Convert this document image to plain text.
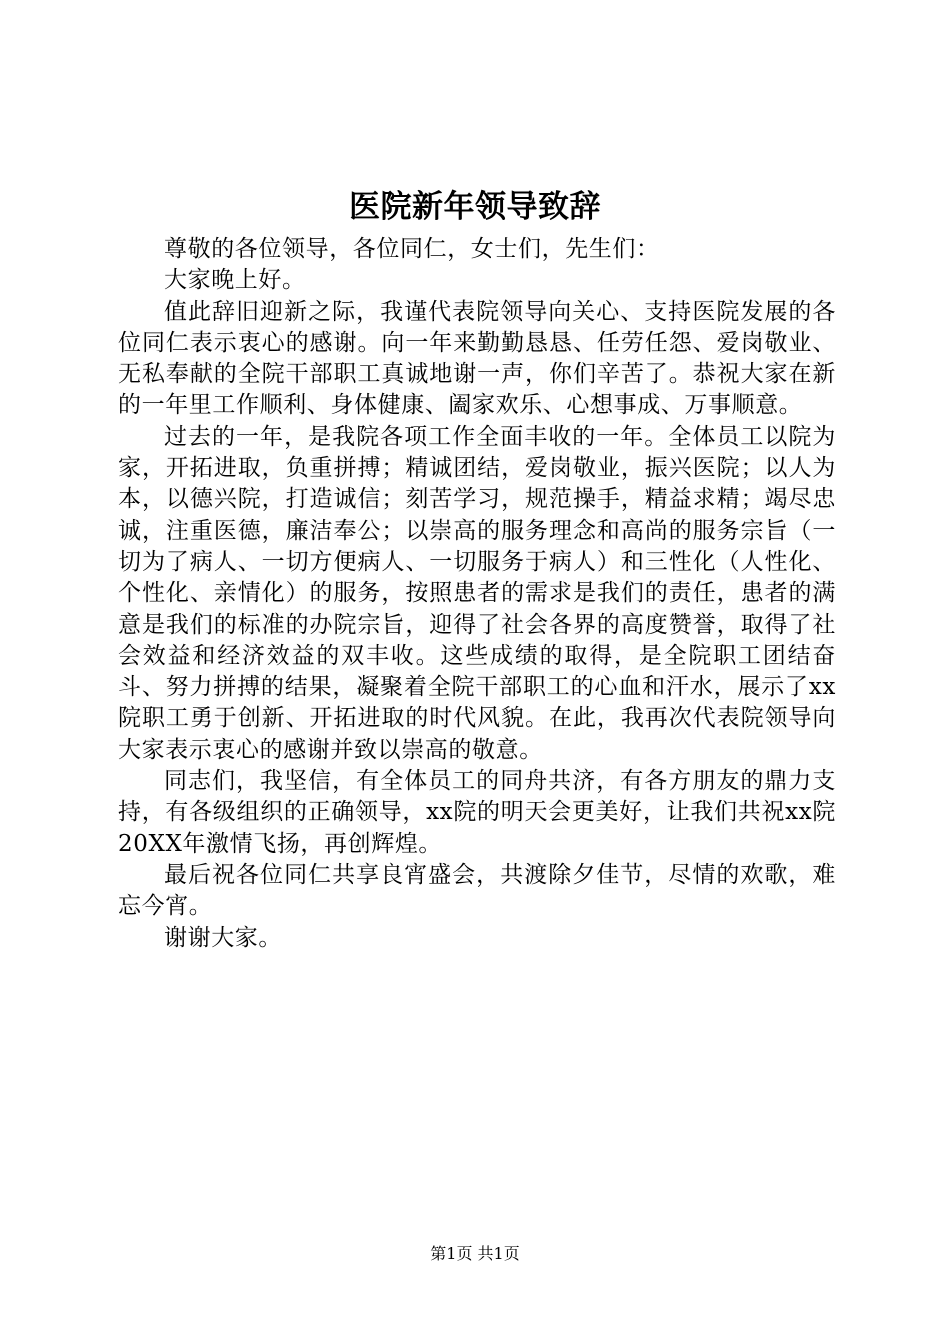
医院新年领导致辞

尊敬的各位领导，各位同仁，女士们，先生们：

大家晚上好。

值此辞旧迎新之际，我谨代表院领导向关心、支持医院发展的各位同仁表示衷心的感谢。向一年来勤勤恳恳、任劳任怨、爱岗敬业、无私奉献的全院干部职工真诚地谢一声，你们辛苦了。恭祝大家在新的一年里工作顺利、身体健康、阖家欢乐、心想事成、万事顺意。

过去的一年，是我院各项工作全面丰收的一年。全体员工以院为家，开拓进取，负重拼搏；精诚团结，爱岗敬业，振兴医院；以人为本，以德兴院，打造诚信；刻苦学习，规范操手，精益求精；竭尽忠诚，注重医德，廉洁奉公；以崇高的服务理念和高尚的服务宗旨（一切为了病人、一切方便病人、一切服务于病人）和三性化（人性化、个性化、亲情化）的服务，按照患者的需求是我们的责任，患者的满意是我们的标准的办院宗旨，迎得了社会各界的高度赞誉，取得了社会效益和经济效益的双丰收。这些成绩的取得，是全院职工团结奋斗、努力拼搏的结果，凝聚着全院干部职工的心血和汗水，展示了xx院职工勇于创新、开拓进取的时代风貌。在此，我再次代表院领导向大家表示衷心的感谢并致以崇高的敬意。

同志们，我坚信，有全体员工的同舟共济，有各方朋友的鼎力支持，有各级组织的正确领导，xx院的明天会更美好，让我们共祝xx院20XX年激情飞扬，再创辉煌。

最后祝各位同仁共享良宵盛会，共渡除夕佳节，尽情的欢歌，难忘今宵。

谢谢大家。

第1页 共1页
